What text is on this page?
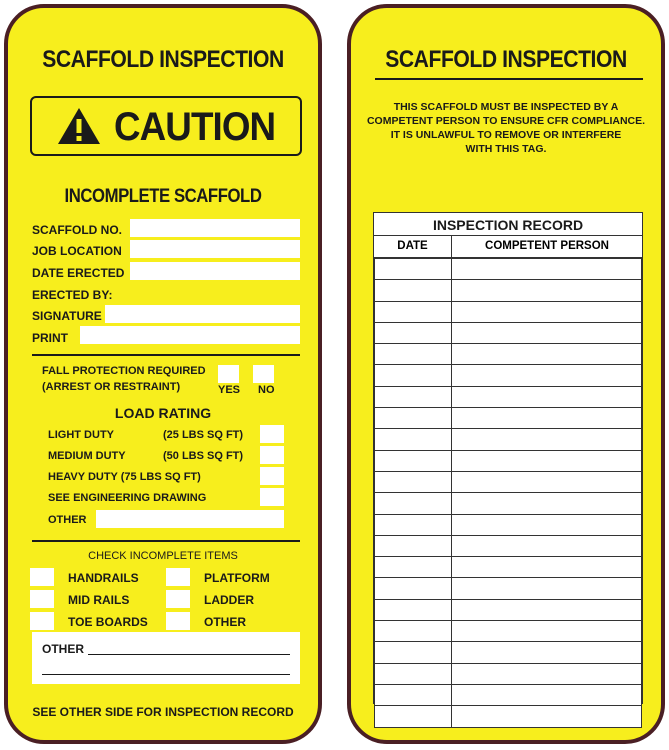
SCAFFOLD INSPECTION
CAUTION
INCOMPLETE SCAFFOLD
SCAFFOLD NO.
JOB LOCATION
DATE ERECTED
ERECTED BY:
SIGNATURE
PRINT
FALL PROTECTION REQUIRED
(ARREST OR RESTRAINT)	YES NO
LOAD RATING
LIGHT DUTY	(25 LBS SQ FT)
MEDIUM DUTY	(50 LBS SQ FT)
HEAVY DUTY (75 LBS SQ FT)
SEE ENGINEERING DRAWING
OTHER
CHECK INCOMPLETE ITEMS
HANDRAILS	PLATFORM
MID RAILS	LADDER
TOE BOARDS	OTHER
OTHER
SEE OTHER SIDE FOR INSPECTION RECORD
SCAFFOLD INSPECTION
THIS SCAFFOLD MUST BE INSPECTED BY A
COMPETENT PERSON TO ENSURE CFR COMPLIANCE.
IT IS UNLAWFUL TO REMOVE OR INTERFERE
WITH THIS TAG.
INSPECTION RECORD
DATE	COMPETENT PERSON
